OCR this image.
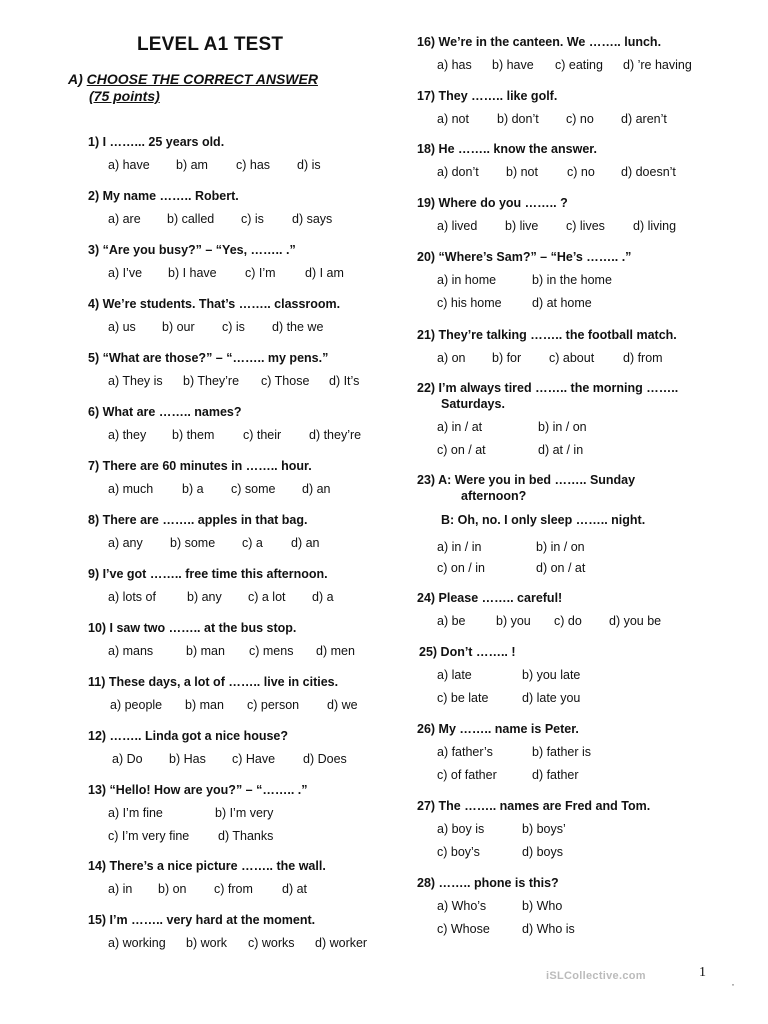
LEVEL A1 TEST
A) CHOOSE THE CORRECT ANSWER
(75 points)
1) I ……... 25 years old.
a) have b) am c) has d) is
2) My name …….. Robert.
a) are b) called c) is d) says
3) “Are you busy?” – “Yes, …….. .”
a) I’ve b) I have c) I’m d) I am
4) We’re students. That’s …….. classroom.
a) us b) our c) is d) the we
5) “What are those?” – “…….. my pens.”
a) They is b) They’re c) Those d) It’s
6) What are …….. names?
a) they b) them c) their d) they’re
7) There are 60 minutes in …….. hour.
a) much b) a c) some d) an
8) There are …….. apples in that bag.
a) any b) some c) a d) an
9) I’ve got …….. free time this afternoon.
a) lots of b) any c) a lot d) a
10) I saw two …….. at the bus stop.
a) mans	b) man c) mens d) men
11) These days, a lot of …….. live in cities.
a) people b) man c) person d) we
12) …….. Linda got a nice house?
a) Do b) Has c) Have d) Does
13) “Hello! How are you?” – “…….. .”
a) I’m fine	b) I’m very
c) I’m very fine d) Thanks
14) There’s a nice picture …….. the wall.
a) in b) on c) from d) at
15) I’m …….. very hard at the moment.
a) working b) work c) works d) worker
16) We’re in the canteen. We …….. lunch.
a) has b) have c) eating d) ’re having
17) They …….. like golf.
a) not b) don’t c) no d) aren’t
18) He …….. know the answer.
a) don’t b) not c) no d) doesn’t
19) Where do you …….. ?
a) lived b) live c) lives d) living
20) “Where’s Sam?” – “He’s …….. .”
a) in home	b) in the home
c) his home d) at home
21) They’re talking …….. the football match.
a) on b) for c) about d) from
22) I’m always tired …….. the morning ……..
Saturdays.
a) in / at	b) in / on
c) on / at	d) at / in
23) A: Were you in bed …….. Sunday
afternoon?
B: Oh, no. I only sleep …….. night.
a) in / in	b) in / on
c) on / in	d) on / at
24) Please …….. careful!
a) be b) you c) do d) you be
25) Don’t …….. !
a) late	b) you late
c) be late	d) late you
26) My …….. name is Peter.
a) father’s	b) father is
c) of father	d) father
27) The …….. names are Fred and Tom.
a) boy is	b) boys’
c) boy’s	d) boys
28) …….. phone is this?
a) Who’s	b) Who
c) Whose	d) Who is
iSLCollective.com	1
·
